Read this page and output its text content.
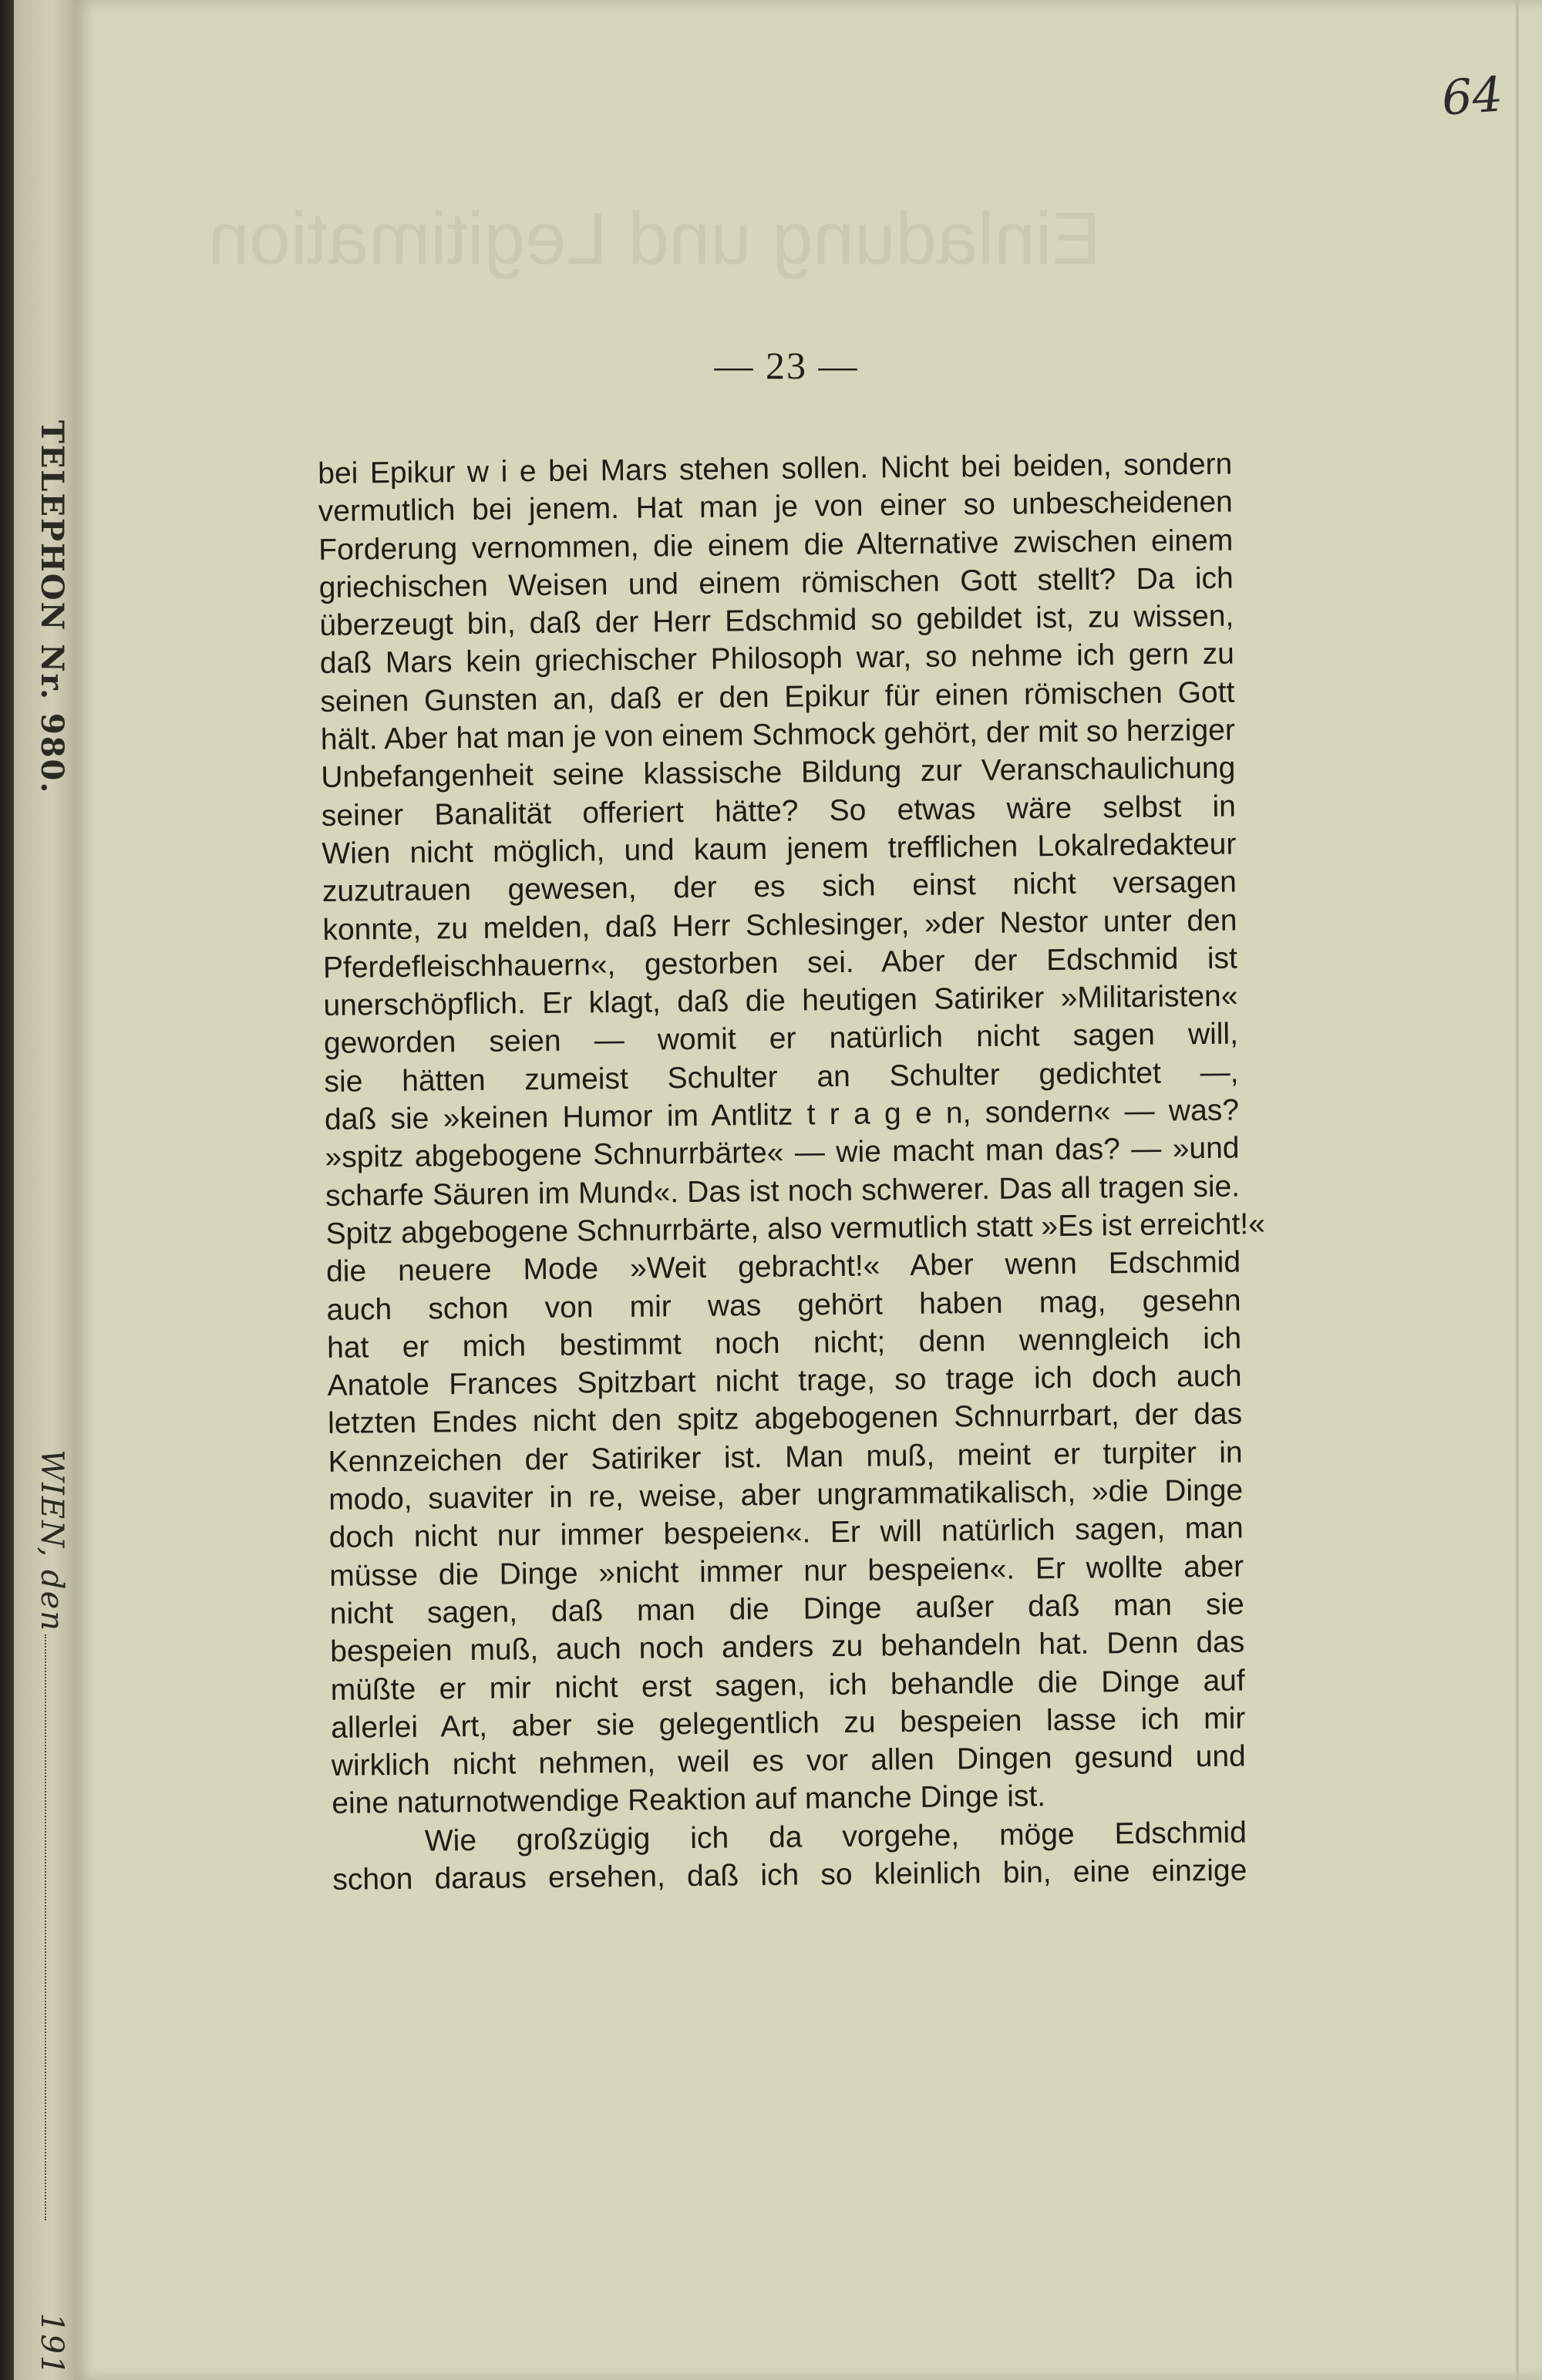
TELEPHON Nr. 980.
WIEN, den
191
Einladung und Legitimation
64
— 23 —
bei Epikur w i e bei Mars stehen sollen. Nicht bei beiden, sondern
vermutlich bei jenem. Hat man je von einer so unbescheidenen
Forderung vernommen, die einem die Alternative zwischen einem
griechischen Weisen und einem römischen Gott stellt? Da ich
überzeugt bin, daß der Herr Edschmid so gebildet ist, zu wissen,
daß Mars kein griechischer Philosoph war, so nehme ich gern zu
seinen Gunsten an, daß er den Epikur für einen römischen Gott
hält. Aber hat man je von einem Schmock gehört, der mit so herziger
Unbefangenheit seine klassische Bildung zur Veranschaulichung
seiner Banalität offeriert hätte? So etwas wäre selbst in
Wien nicht möglich, und kaum jenem trefflichen Lokalredakteur
zuzutrauen gewesen, der es sich einst nicht versagen
konnte, zu melden, daß Herr Schlesinger, »der Nestor unter den
Pferdefleischhauern«, gestorben sei. Aber der Edschmid ist
unerschöpflich. Er klagt, daß die heutigen Satiriker »Militaristen«
geworden seien — womit er natürlich nicht sagen will,
sie hätten zumeist Schulter an Schulter gedichtet —,
daß sie »keinen Humor im Antlitz t r a g e n, sondern« — was?
»spitz abgebogene Schnurrbärte« — wie macht man das? — »und
scharfe Säuren im Mund«. Das ist noch schwerer. Das all tragen sie.
Spitz abgebogene Schnurrbärte, also vermutlich statt »Es ist erreicht!«
die neuere Mode »Weit gebracht!« Aber wenn Edschmid
auch schon von mir was gehört haben mag, gesehn
hat er mich bestimmt noch nicht; denn wenngleich ich
Anatole Frances Spitzbart nicht trage, so trage ich doch auch
letzten Endes nicht den spitz abgebogenen Schnurrbart, der das
Kennzeichen der Satiriker ist. Man muß, meint er turpiter in
modo, suaviter in re, weise, aber ungrammatikalisch, »die Dinge
doch nicht nur immer bespeien«. Er will natürlich sagen, man
müsse die Dinge »nicht immer nur bespeien«. Er wollte aber
nicht sagen, daß man die Dinge außer daß man sie
bespeien muß, auch noch anders zu behandeln hat. Denn das
müßte er mir nicht erst sagen, ich behandle die Dinge auf
allerlei Art, aber sie gelegentlich zu bespeien lasse ich mir
wirklich nicht nehmen, weil es vor allen Dingen gesund und
eine naturnotwendige Reaktion auf manche Dinge ist.
Wie großzügig ich da vorgehe, möge Edschmid
schon daraus ersehen, daß ich so kleinlich bin, eine einzige
